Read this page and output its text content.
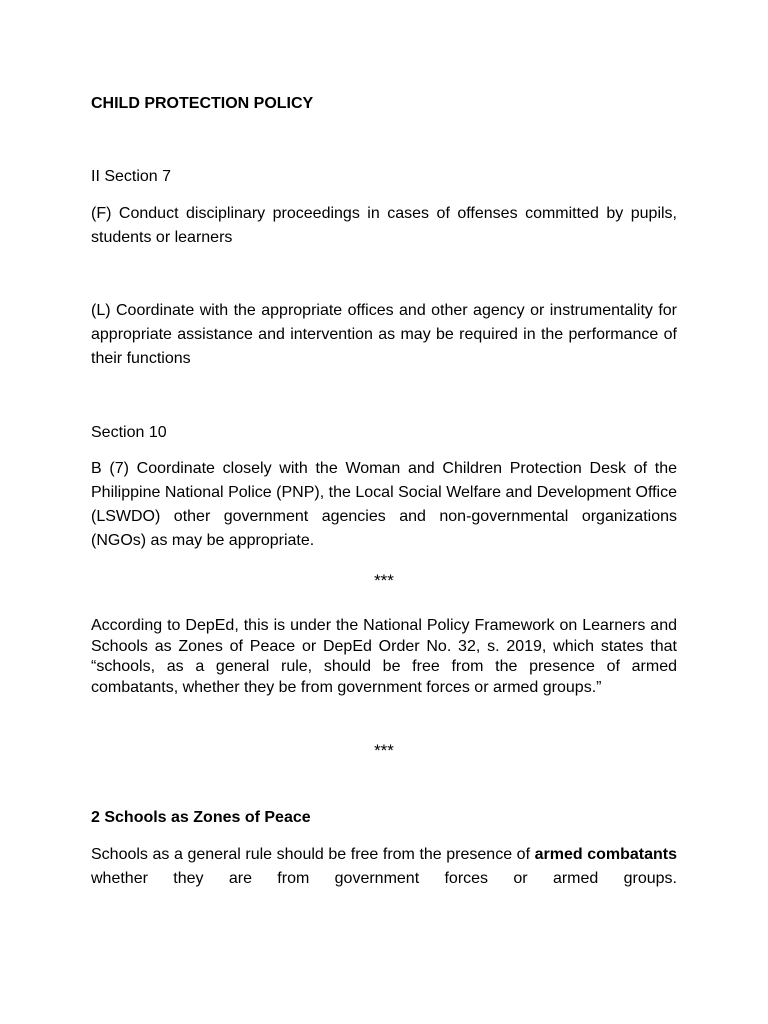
CHILD PROTECTION POLICY

II Section 7

(F) Conduct disciplinary proceedings in cases of offenses committed by pupils, students or learners

(L) Coordinate with the appropriate offices and other agency or instrumentality for appropriate assistance and intervention as may be required in the performance of their functions

Section 10

B (7) Coordinate closely with the Woman and Children Protection Desk of the Philippine National Police (PNP), the Local Social Welfare and Development Office (LSWDO) other government agencies and non-governmental organizations (NGOs) as may be appropriate.

***

According to DepEd, this is under the National Policy Framework on Learners and Schools as Zones of Peace or DepEd Order No. 32, s. 2019, which states that “schools, as a general rule, should be free from the presence of armed combatants, whether they be from government forces or armed groups.”

***

2 Schools as Zones of Peace

Schools as a general rule should be free from the presence of armed combatants whether they are from government forces or armed groups.
